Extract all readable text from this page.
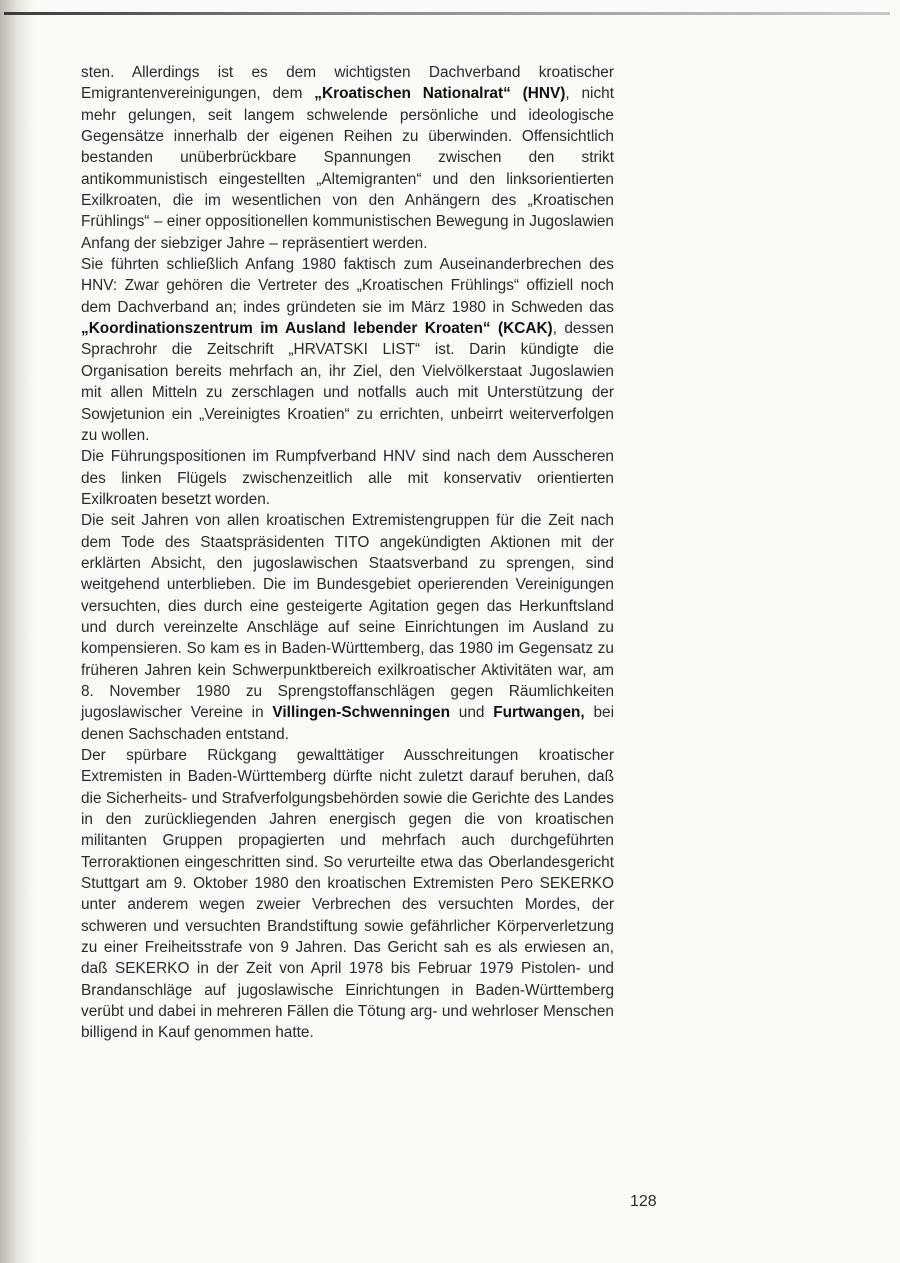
sten. Allerdings ist es dem wichtigsten Dachverband kroatischer Emigrantenvereinigungen, dem „Kroatischen Nationalrat“ (HNV), nicht mehr gelungen, seit langem schwelende persönliche und ideologische Gegensätze innerhalb der eigenen Reihen zu überwinden. Offensichtlich bestanden unüberbrückbare Spannungen zwischen den strikt antikommunistisch eingestellten „Altemigranten“ und den linksorientierten Exilkroaten, die im wesentlichen von den Anhängern des „Kroatischen Frühlings“ – einer oppositionellen kommunistischen Bewegung in Jugoslawien Anfang der siebziger Jahre – repräsentiert werden.

Sie führten schließlich Anfang 1980 faktisch zum Auseinanderbrechen des HNV: Zwar gehören die Vertreter des „Kroatischen Frühlings“ offiziell noch dem Dachverband an; indes gründeten sie im März 1980 in Schweden das „Koordinationszentrum im Ausland lebender Kroaten“ (KCAK), dessen Sprachrohr die Zeitschrift „HRVATSKI LIST“ ist. Darin kündigte die Organisation bereits mehrfach an, ihr Ziel, den Vielvölkerstaat Jugoslawien mit allen Mitteln zu zerschlagen und notfalls auch mit Unterstützung der Sowjetunion ein „Vereinigtes Kroatien“ zu errichten, unbeirrt weiterverfolgen zu wollen.

Die Führungspositionen im Rumpfverband HNV sind nach dem Ausscheren des linken Flügels zwischenzeitlich alle mit konservativ orientierten Exilkroaten besetzt worden.

Die seit Jahren von allen kroatischen Extremistengruppen für die Zeit nach dem Tode des Staatspräsidenten TITO angekündigten Aktionen mit der erklärten Absicht, den jugoslawischen Staatsverband zu sprengen, sind weitgehend unterblieben. Die im Bundesgebiet operierenden Vereinigungen versuchten, dies durch eine gesteigerte Agitation gegen das Herkunftsland und durch vereinzelte Anschläge auf seine Einrichtungen im Ausland zu kompensieren. So kam es in Baden-Württemberg, das 1980 im Gegensatz zu früheren Jahren kein Schwerpunktbereich exilkroatischer Aktivitäten war, am 8. November 1980 zu Sprengstoffanschlägen gegen Räumlichkeiten jugoslawischer Vereine in Villingen-Schwenningen und Furtwangen, bei denen Sachschaden entstand.

Der spürbare Rückgang gewalttätiger Ausschreitungen kroatischer Extremisten in Baden-Württemberg dürfte nicht zuletzt darauf beruhen, daß die Sicherheits- und Strafverfolgungsbehörden sowie die Gerichte des Landes in den zurückliegenden Jahren energisch gegen die von kroatischen militanten Gruppen propagierten und mehrfach auch durchgeführten Terroraktionen eingeschritten sind. So verurteilte etwa das Oberlandesgericht Stuttgart am 9. Oktober 1980 den kroatischen Extremisten Pero SEKERKO unter anderem wegen zweier Verbrechen des versuchten Mordes, der schweren und versuchten Brandstiftung sowie gefährlicher Körperverletzung zu einer Freiheitsstrafe von 9 Jahren. Das Gericht sah es als erwiesen an, daß SEKERKO in der Zeit von April 1978 bis Februar 1979 Pistolen- und Brandanschläge auf jugoslawische Einrichtungen in Baden-Württemberg verübt und dabei in mehreren Fällen die Tötung arg- und wehrloser Menschen billigend in Kauf genommen hatte.

128
